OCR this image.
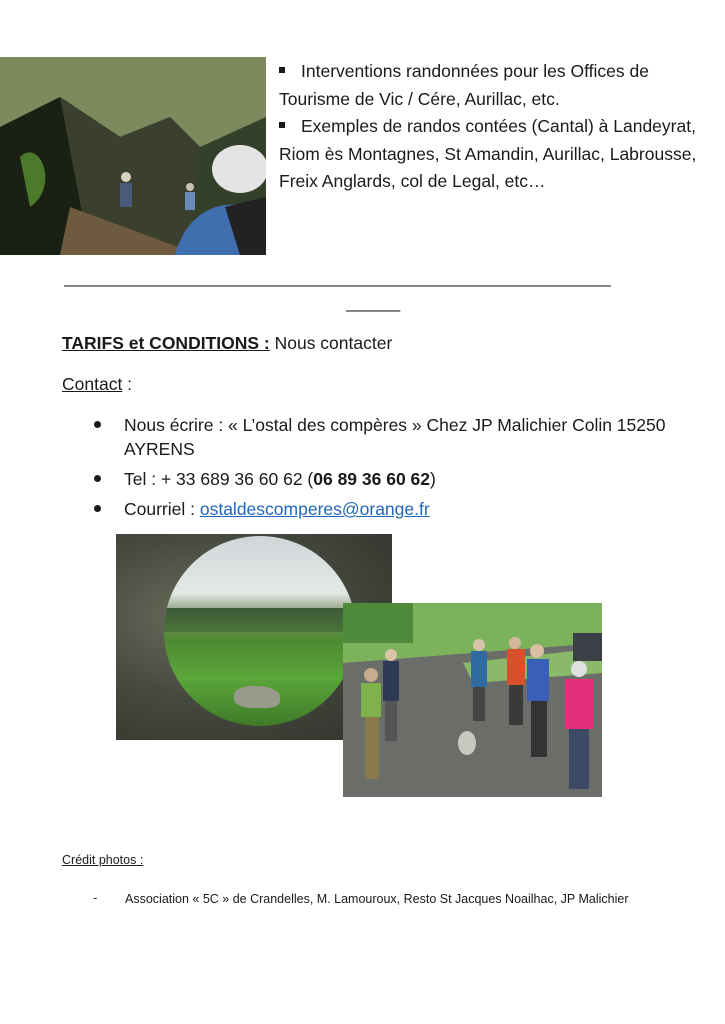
Interventions randonnées pour les Offices de Tourisme de Vic / Cére, Aurillac, etc.

Exemples de randos contées (Cantal) à Landeyrat, Riom ès Montagnes, St Amandin, Aurillac, Labrousse, Freix Anglards, col de Legal, etc…

_____________________________________________________________
______
TARIFS et CONDITIONS : Nous contacter
Contact :
Nous écrire : « L’ostal des compères » Chez JP Malichier Colin 15250 AYRENS
Tel : + 33 689 36 60 62 (06 89 36 60 62)
Courriel : ostaldescomperes@orange.fr
Crédit photos :
- Association « 5C » de Crandelles, M. Lamouroux, Resto St Jacques Noailhac, JP Malichier
